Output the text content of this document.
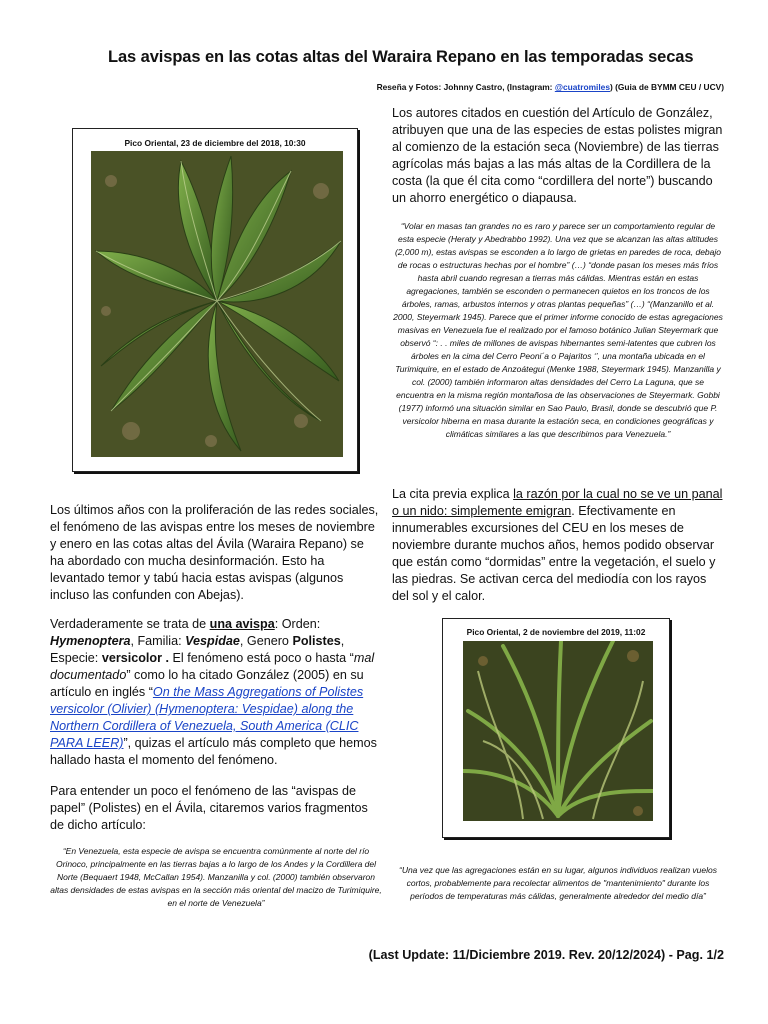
Las avispas en las cotas altas del Waraira Repano en las temporadas secas
Reseña y Fotos: Johnny Castro, (Instagram: @cuatromiles) (Guia de BYMM CEU / UCV)
Pico Oriental, 23 de diciembre del 2018, 10:30
Los autores citados en cuestión del Artículo de González, atribuyen que una de las especies de estas polistes migran al comienzo de la estación seca (Noviembre) de las tierras agrícolas más bajas a las más altas de la Cordillera de la costa (la que él cita como “cordillera del norte”) buscando un ahorro energético o diapausa.
“Volar en masas tan grandes no es raro y parece ser un comportamiento regular de esta especie (Heraty y Abedrabbo 1992). Una vez que se alcanzan las altas altitudes (2,000 m), estas avispas se esconden a lo largo de grietas en paredes de roca, debajo de rocas o estructuras hechas por el hombre” (…) “donde pasan los meses más fríos hasta abril cuando regresan a tierras más cálidas. Mientras están en estas agregaciones, también se esconden o permanecen quietos en los troncos de los árboles, ramas, arbustos internos y otras plantas pequeñas” (…) “(Manzanillo et al. 2000, Steyermark 1945). Parece que el primer informe conocido de estas agregaciones masivas en Venezuela fue el realizado por el famoso botánico Julian Steyermark que observó “: . . miles de millones de avispas hibernantes semi-latentes que cubren los árboles en la cima del Cerro Peoni´a o Pajaritos ‘’, una montaña ubicada en el Turimiquire, en el estado de Anzoátegui (Menke 1988, Steyermark 1945). Manzanilla y col. (2000) también informaron altas densidades del Cerro La Laguna, que se encuentra en la misma región montañosa de las observaciones de Steyermark. Gobbi (1977) informó una situación similar en Sao Paulo, Brasil, donde se descubrió que P. versicolor hiberna en masa durante la estación seca, en condiciones geográficas y climáticas similares a las que describimos para Venezuela.”
La cita previa explica la razón por la cual no se ve un panal o un nido: simplemente emigran. Efectivamente en innumerables excursiones del CEU en los meses de noviembre durante muchos años, hemos podido observar que están como “dormidas” entre la vegetación, el suelo y las piedras. Se activan cerca del mediodía con los rayos del sol y el calor.
Pico Oriental, 2 de noviembre del 2019, 11:02
“Una vez que las agregaciones están en su lugar, algunos individuos realizan vuelos cortos, probablemente para recolectar alimentos de "mantenimiento" durante los períodos de temperaturas más cálidas, generalmente alrededor del medio día”
Los últimos años con la proliferación de las redes sociales, el fenómeno de las avispas entre los meses de noviembre y enero en las cotas altas del Ávila (Waraira Repano) se ha abordado con mucha desinformación. Esto ha levantado temor y tabú hacia estas avispas (algunos incluso las confunden con Abejas).
Verdaderamente se trata de una avispa: Orden: Hymenoptera, Familia: Vespidae, Genero Polistes, Especie: versicolor . El fenómeno está poco o hasta “mal documentado” como lo ha citado González (2005) en su artículo en inglés “On the Mass Aggregations of Polistes versicolor (Olivier) (Hymenoptera: Vespidae) along the Northern Cordillera of Venezuela, South America (CLIC PARA LEER)”, quizas el artículo más completo que hemos hallado hasta el momento del fenómeno.
Para entender un poco el fenómeno de las “avispas de papel” (Polistes) en el Ávila, citaremos varios fragmentos de dicho artículo:
“En Venezuela, esta especie de avispa se encuentra comúnmente al norte del río Orinoco, principalmente en las tierras bajas a lo largo de los Andes y la Cordillera del Norte (Bequaert 1948, McCallan 1954). Manzanilla y col. (2000) también observaron altas densidades de estas avispas en la sección más oriental del macizo de Turimiquire, en el norte de Venezuela”
(Last Update: 11/Diciembre 2019. Rev. 20/12/2024) - Pag. 1/2
